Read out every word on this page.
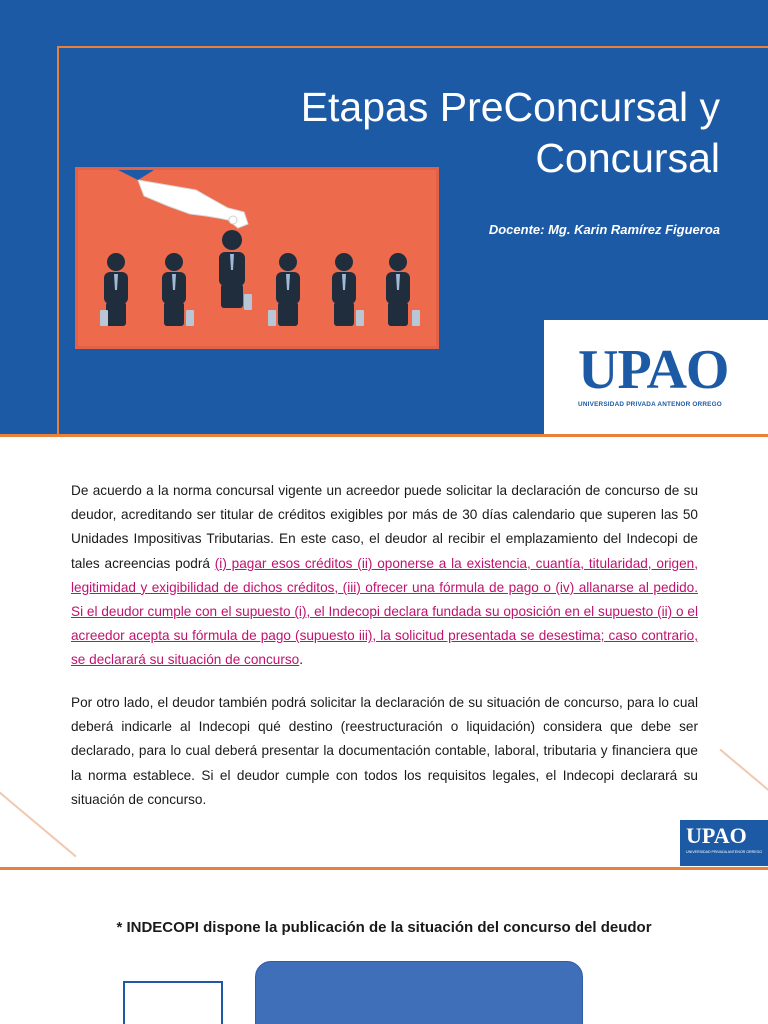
Etapas PreConcursal y
Concursal
Docente: Mg. Karin Ramírez Figueroa
UPAO
UNIVERSIDAD PRIVADA ANTENOR ORREGO
De acuerdo a la norma concursal vigente un acreedor puede solicitar la declaración de concurso de su deudor, acreditando ser titular de créditos exigibles por más de 30 días calendario que superen las 50 Unidades Impositivas Tributarias. En este caso, el deudor al recibir el emplazamiento del Indecopi de tales acreencias podrá (i) pagar esos créditos (ii) oponerse a la existencia, cuantía, titularidad, origen, legitimidad y exigibilidad de dichos créditos, (iii) ofrecer una fórmula de pago o (iv) allanarse al pedido. Si el deudor cumple con el supuesto (i), el Indecopi declara fundada su oposición en el supuesto (ii) o el acreedor acepta su fórmula de pago (supuesto iii), la solicitud presentada se desestima; caso contrario, se declarará su situación de concurso.
Por otro lado, el deudor también podrá solicitar la declaración de su situación de concurso, para lo cual deberá indicarle al Indecopi qué destino (reestructuración o liquidación) considera que debe ser declarado, para lo cual deberá presentar la documentación contable, laboral, tributaria y financiera que la norma establece. Si el deudor cumple con todos los requisitos legales, el Indecopi declarará su situación de concurso.
UPAO
UNIVERSIDAD PRIVADA ANTENOR ORREGO
* INDECOPI dispone la publicación de la situación del concurso del deudor
